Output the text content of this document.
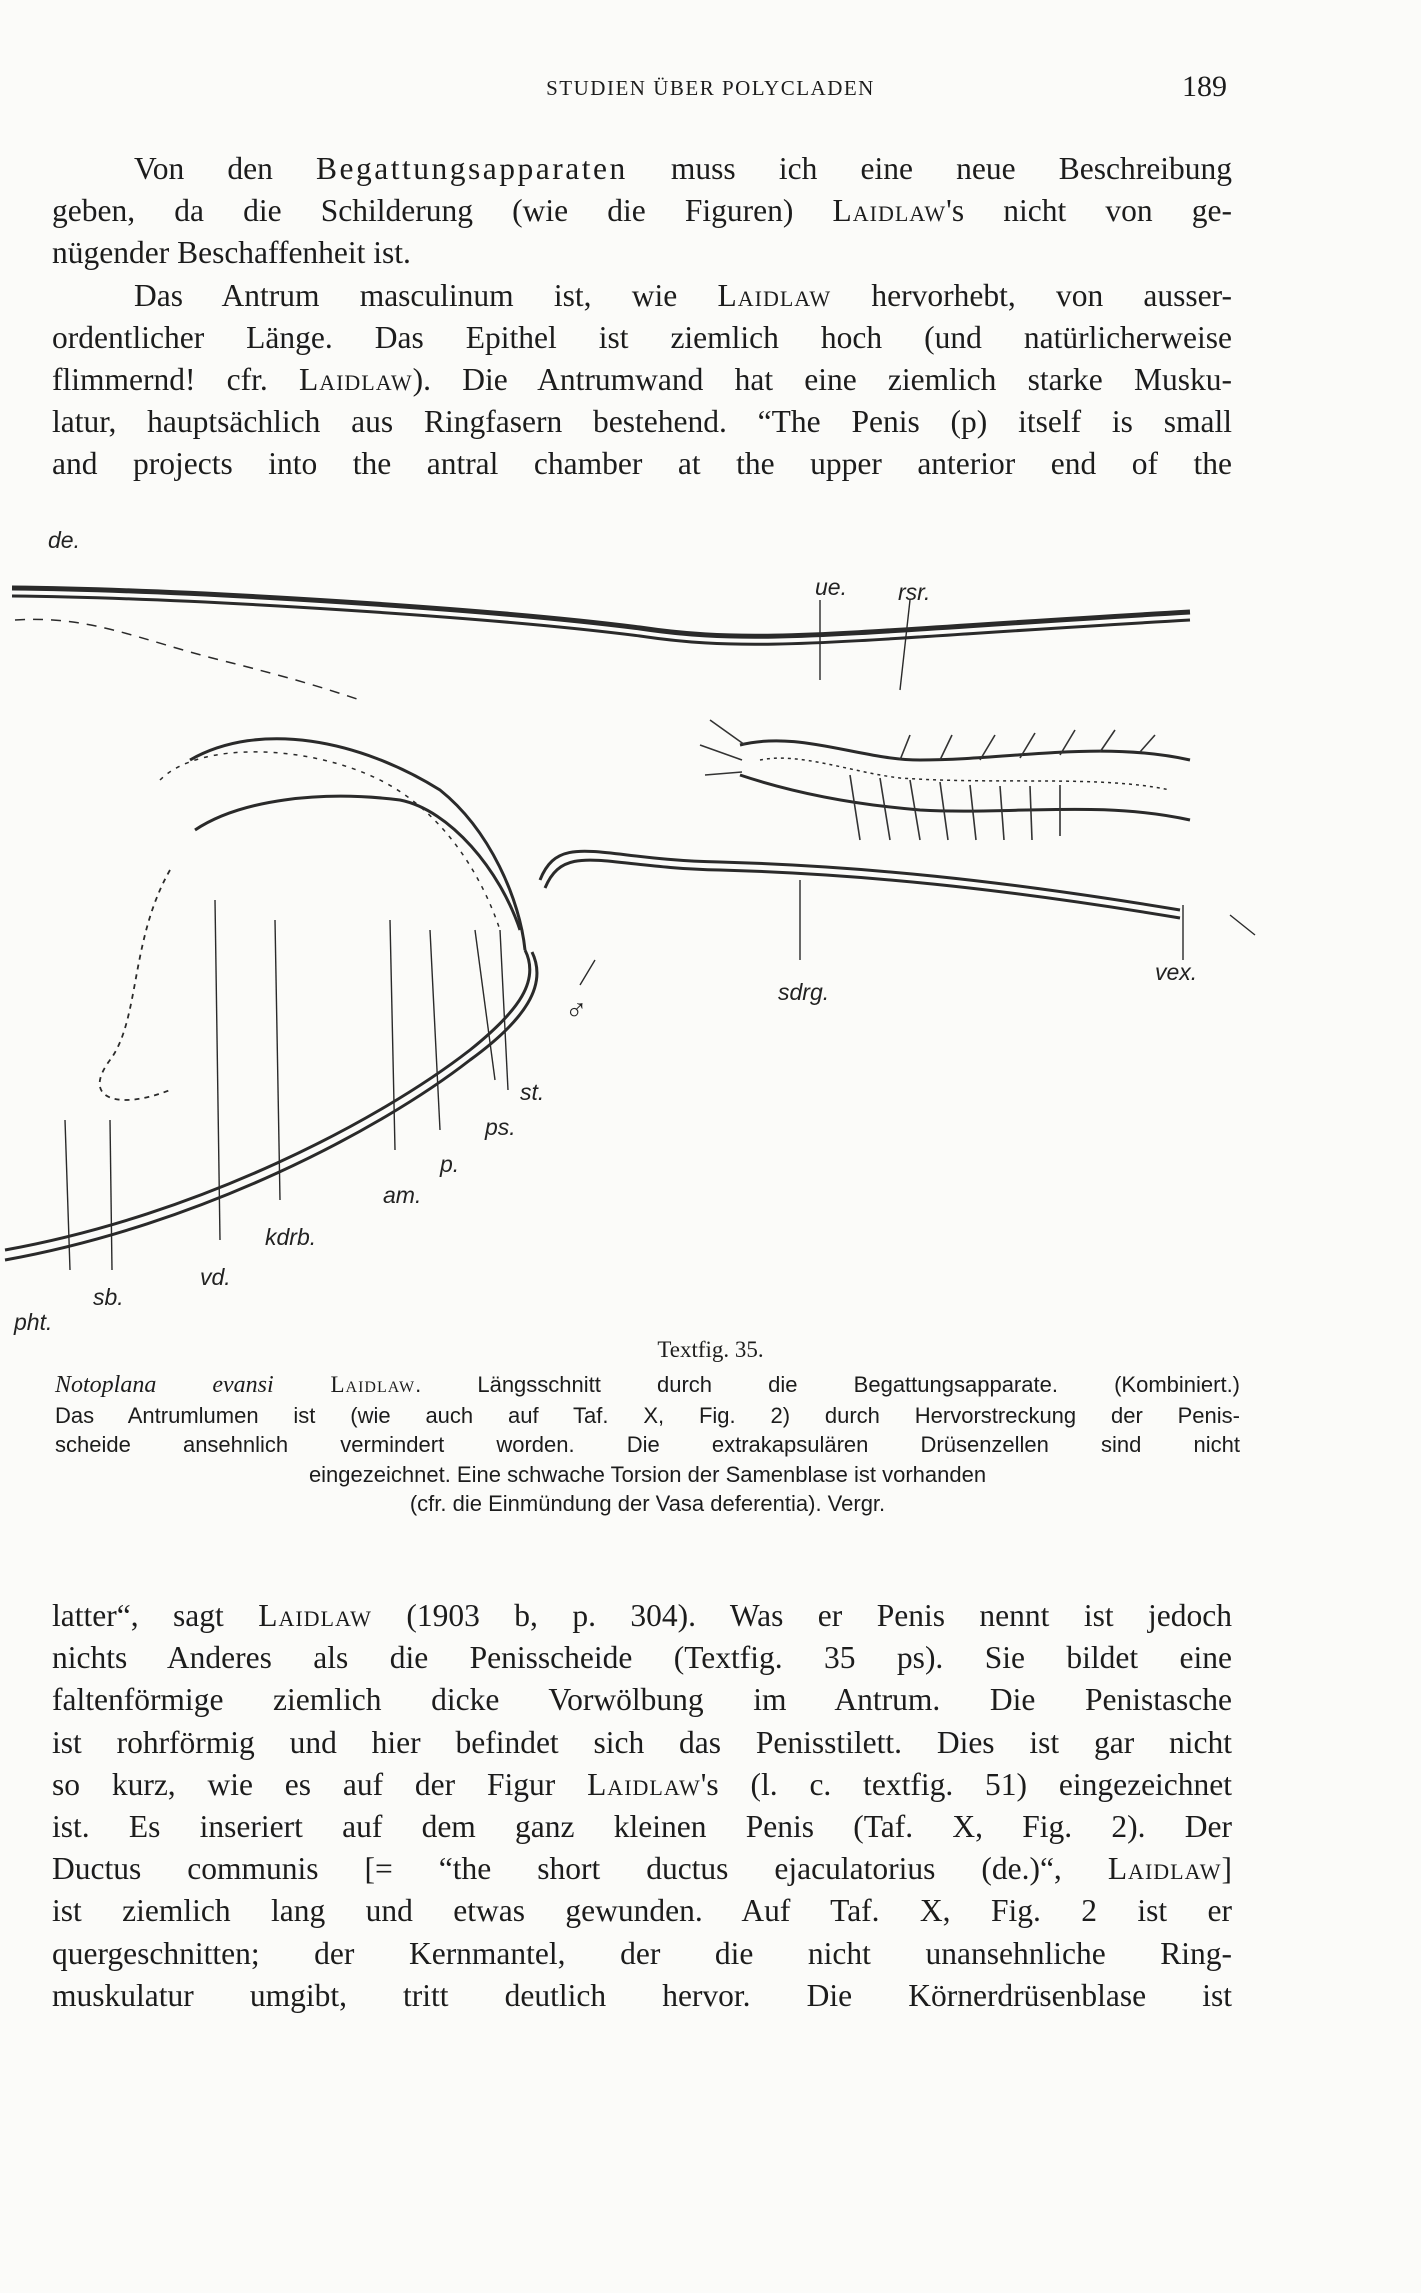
STUDIEN ÜBER POLYCLADEN	189

Von den Begattungsapparaten muss ich eine neue Beschreibung

geben, da die Schilderung (wie die Figuren) Laidlaw's nicht von ge-

nügender Beschaffenheit ist.

Das Antrum masculinum ist, wie Laidlaw hervorhebt, von ausser-

ordentlicher Länge. Das Epithel ist ziemlich hoch (und natürlicherweise

flimmernd! cfr. Laidlaw). Die Antrumwand hat eine ziemlich starke Musku-

latur, hauptsächlich aus Ringfasern bestehend. “The Penis (p) itself is small

and projects into the antral chamber at the upper anterior end of the

de.
ue. rsr.
sdrg.
vex.
st.
ps.
p.
am.
kdrb.
vd.
sb.
pht.
♂
Textfig. 35.

Notoplana evansi Laidlaw. Längsschnitt durch die Begattungsapparate. (Kombiniert.)

Das Antrumlumen ist (wie auch auf Taf. X, Fig. 2) durch Hervorstreckung der Penis-

scheide ansehnlich vermindert worden. Die extrakapsulären Drüsenzellen sind nicht

eingezeichnet. Eine schwache Torsion der Samenblase ist vorhanden

(cfr. die Einmündung der Vasa deferentia). Vergr.

latter“, sagt Laidlaw (1903 b, p. 304). Was er Penis nennt ist jedoch

nichts Anderes als die Penisscheide (Textfig. 35 ps). Sie bildet eine

faltenförmige ziemlich dicke Vorwölbung im Antrum. Die Penistasche

ist rohrförmig und hier befindet sich das Penisstilett. Dies ist gar nicht

so kurz, wie es auf der Figur Laidlaw's (l. c. textfig. 51) eingezeichnet

ist. Es inseriert auf dem ganz kleinen Penis (Taf. X, Fig. 2). Der

Ductus communis [= “the short ductus ejaculatorius (de.)“, Laidlaw]

ist ziemlich lang und etwas gewunden. Auf Taf. X, Fig. 2 ist er

quergeschnitten; der Kernmantel, der die nicht unansehnliche Ring-

muskulatur umgibt, tritt deutlich hervor. Die Körnerdrüsenblase ist
